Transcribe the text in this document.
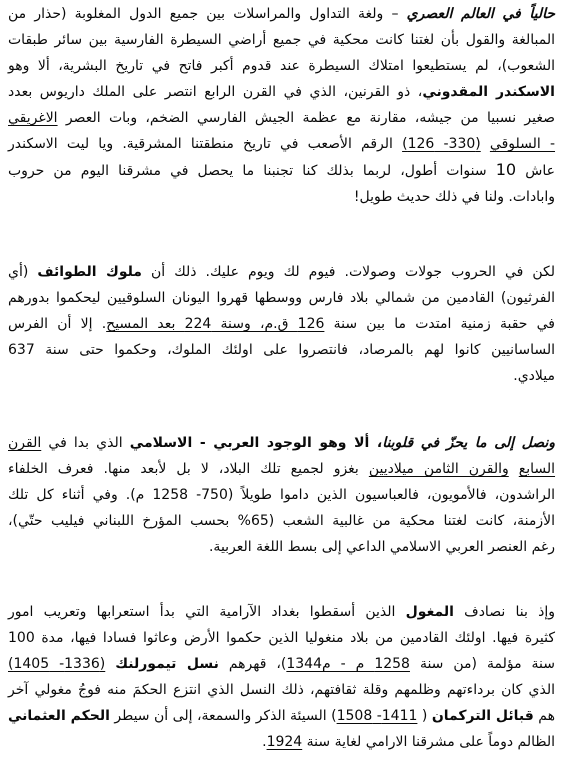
حالياً في العالم العصري – ولغة التداول والمراسلات بين جميع الدول المغلوبة (حذار من
المبالغة والقول بأن لغتنا كانت محكية في جميع أراضي السيطرة الفارسية بين سائر طبقات
الشعوب)، لم يستطيعوا امتلاك السيطرة عند قدوم أكبر فاتح في تاريخ البشرية، ألا وهو
الاسكندر المقدوني، ذو القرنين، الذي في القرن الرابع انتصر على الملك داريوس بعدد
صغير نسبيا من جيشه، مقارنة مع عظمة الجيش الفارسي الضخم، وبات العصر الاغريقي
- السلوقي (330- 126) الرقم الأصعب في تاريخ منطقتنا المشرقية. ويا ليت الاسكندر
عاش 10 سنوات أطول، لربما بذلك كنا تجنبنا ما يحصل في مشرقنا اليوم من حروب
وابادات. ولنا في ذلك حديث طويل!
لكن في الحروب جولات وصولات. فيوم لك ويوم عليك. ذلك أن ملوك الطوائف (أي
الفرثيون) القادمين من شمالي بلاد فارس ووسطها قهروا اليونان السلوقيين ليحكموا بدورهم
في حقبة زمنية امتدت ما بين سنة 126 ق.م، وسنة 224 بعد المسيح. إلا أن الفرس
الساسانيين كانوا لهم بالمرصاد، فانتصروا على اولئك الملوك، وحكموا حتى سنة 637
ميلادي.
ونصل إلى ما يحزّ في قلوبنا، ألا وهو الوجود العربي - الاسلامي الذي بدا في القرن
السابع والقرن الثامن ميلاديين بغزو لجميع تلك البلاد، لا بل لأبعد منها. فعرف الخلفاء
الراشدون، فالأمويون، فالعباسيون الذين داموا طويلاً (750- 1258 م). وفي أثناء كل تلك
الأزمنة، كانت لغتنا محكية من غالبية الشعب (65% بحسب المؤرخ اللبناني فيليب حتّي)،
رغم العنصر العربي الاسلامي الداعي إلى بسط اللغة العربية.
وإذ بنا نصادف المغول الذين أسقطوا بغداد الآرامية التي بدأ استعرابها وتعريب امور
كثيرة فيها. اولئك القادمين من بلاد منغوليا الذين حكموا الأرض وعاثوا فسادا فيها، مدة 100
سنة مؤلمة (من سنة 1258 م - م1344)، قهرهم نسل تيمورلنك (1336- 1405)
الذي كان برداءتهم وظلمهم وقلة ثقافتهم، ذلك النسل الذي انتزع الحكمَ منه فوجُ مغولي آخر
هم قبائل التركمان ( 1411- 1508) السيئة الذكر والسمعة، إلى أن سيطر الحكم العثماني
الظالم دوماً على مشرقنا الارامي لغاية سنة 1924.
